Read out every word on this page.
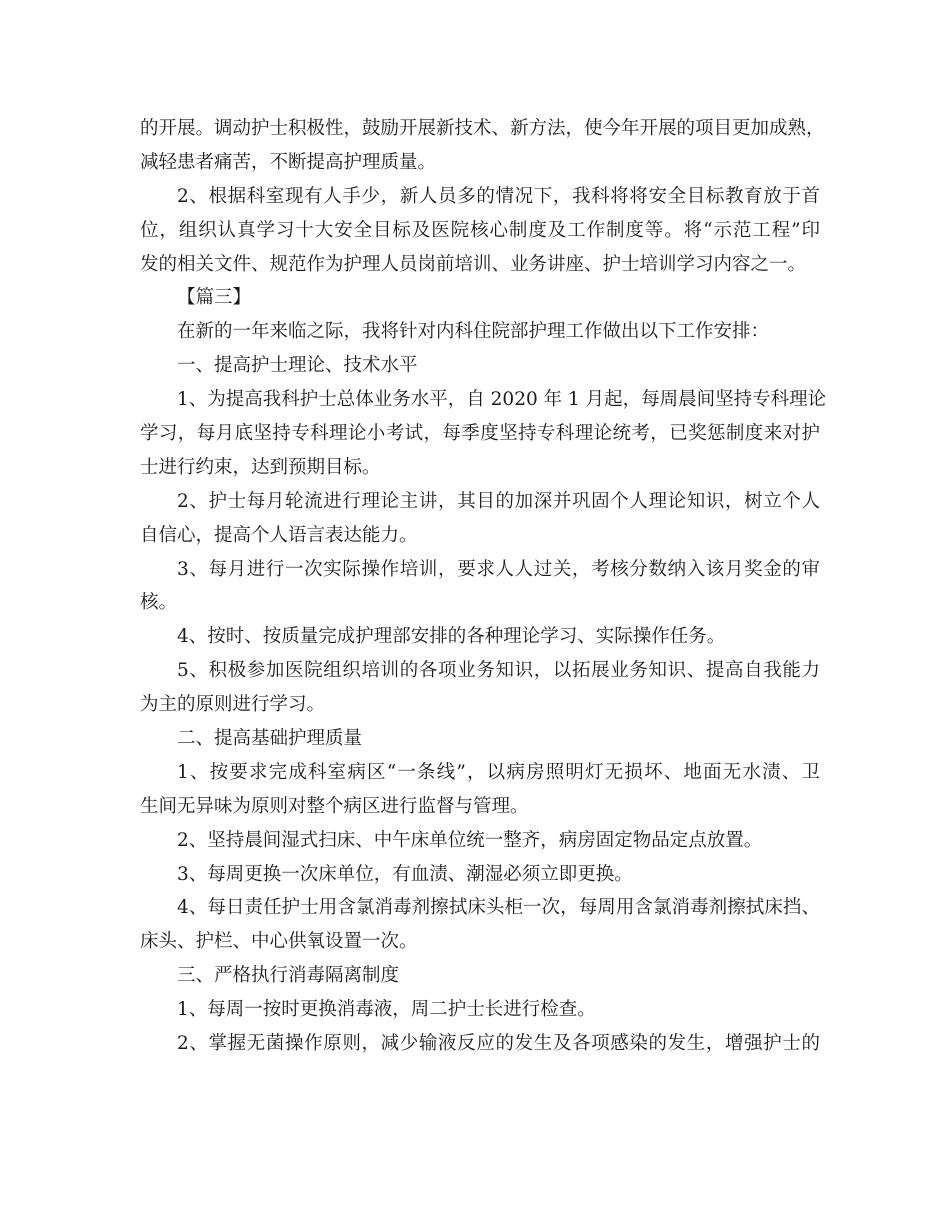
的开展。调动护士积极性，鼓励开展新技术、新方法，使今年开展的项目更加成熟，
减轻患者痛苦，不断提高护理质量。
2、根据科室现有人手少，新人员多的情况下，我科将将安全目标教育放于首
位，组织认真学习十大安全目标及医院核心制度及工作制度等。将“示范工程”印
发的相关文件、规范作为护理人员岗前培训、业务讲座、护士培训学习内容之一。
【篇三】
在新的一年来临之际，我将针对内科住院部护理工作做出以下工作安排：
一、提高护士理论、技术水平
1、为提高我科护士总体业务水平，自 2020 年 1 月起，每周晨间坚持专科理论
学习，每月底坚持专科理论小考试，每季度坚持专科理论统考，已奖惩制度来对护
士进行约束，达到预期目标。
2、护士每月轮流进行理论主讲，其目的加深并巩固个人理论知识，树立个人
自信心，提高个人语言表达能力。
3、每月进行一次实际操作培训，要求人人过关，考核分数纳入该月奖金的审
核。
4、按时、按质量完成护理部安排的各种理论学习、实际操作任务。
5、积极参加医院组织培训的各项业务知识，以拓展业务知识、提高自我能力
为主的原则进行学习。
二、提高基础护理质量
1、按要求完成科室病区“一条线”，以病房照明灯无损坏、地面无水渍、卫
生间无异味为原则对整个病区进行监督与管理。
2、坚持晨间湿式扫床、中午床单位统一整齐，病房固定物品定点放置。
3、每周更换一次床单位，有血渍、潮湿必须立即更换。
4、每日责任护士用含氯消毒剂擦拭床头柜一次，每周用含氯消毒剂擦拭床挡、
床头、护栏、中心供氧设置一次。
三、严格执行消毒隔离制度
1、每周一按时更换消毒液，周二护士长进行检查。
2、掌握无菌操作原则，减少输液反应的发生及各项感染的发生，增强护士的
